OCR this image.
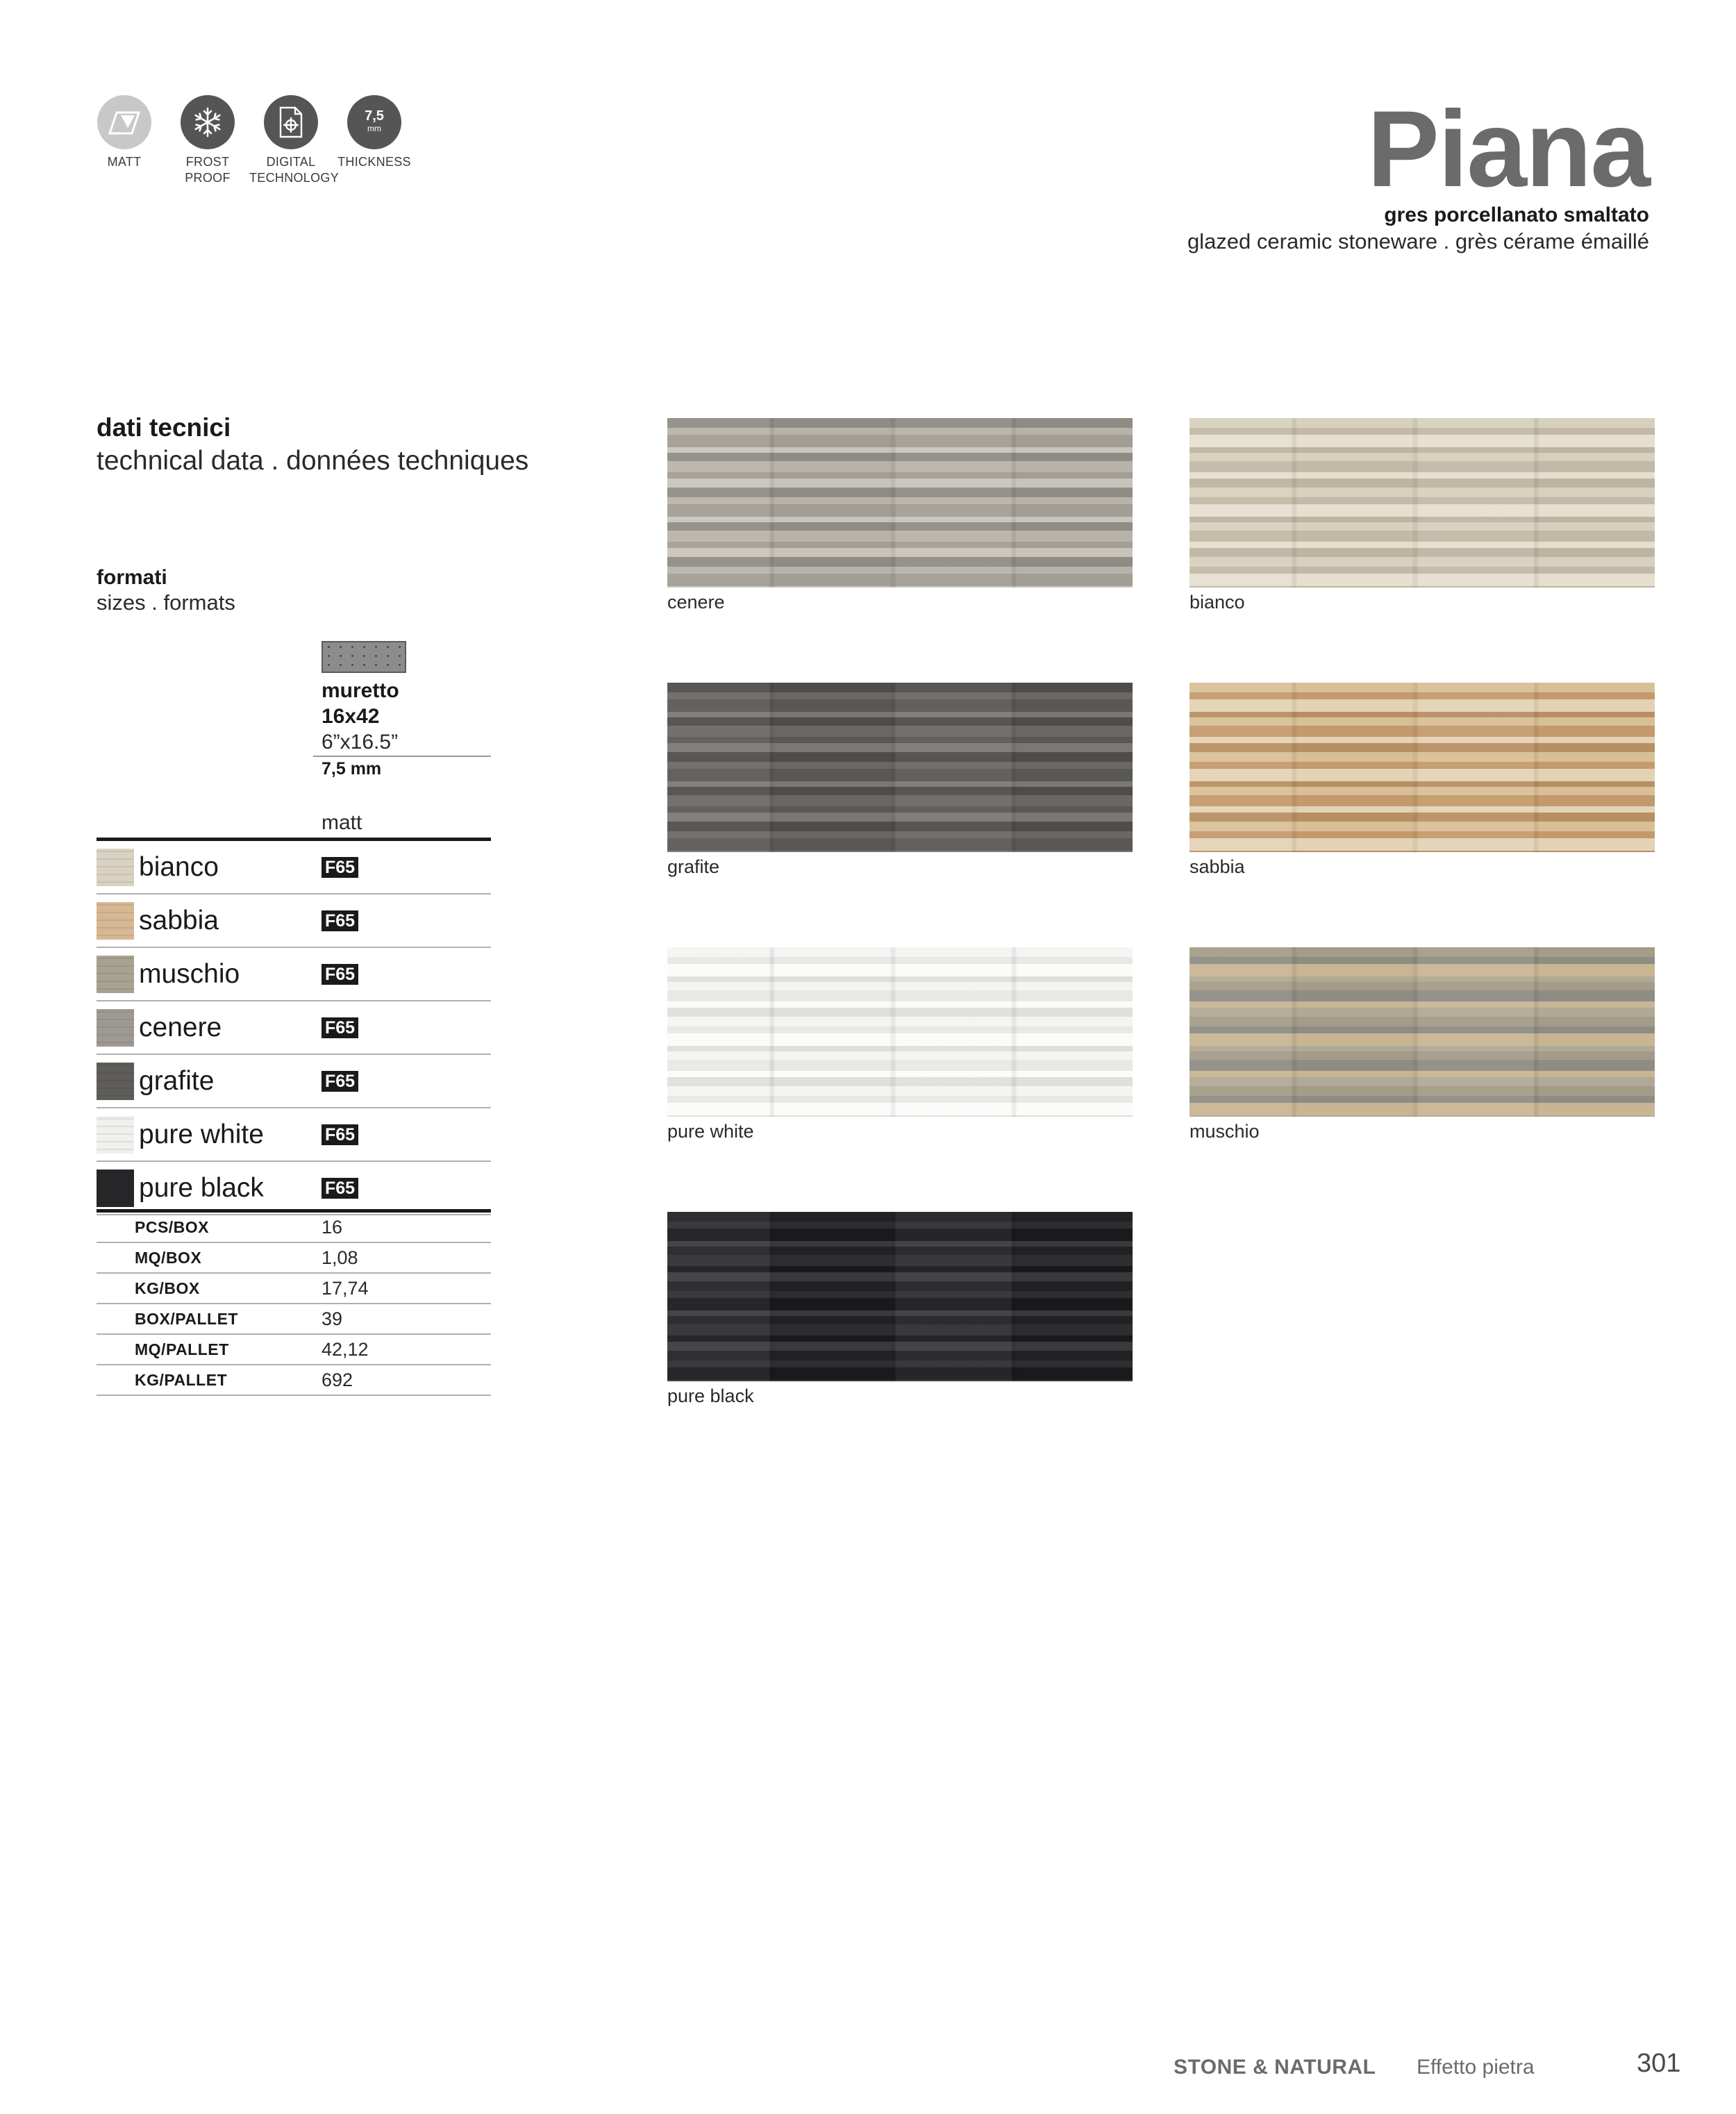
MATT	FROST
PROOF
DIGITAL
TECHNOLOGY
7,5
mm
THICKNESS	Piana
gres porcellanato smaltato
glazed ceramic stoneware . grès cérame émaillé
dati tecnici
technical data . données techniques
formati
sizes . formats
muretto
16x42
6”x16.5”
7,5 mm
matt
bianco	F65
sabbia	F65
muschio	F65
cenere	F65
grafite	F65
pure white	F65
pure black	F65
PCS/BOX	16
MQ/BOX	1,08
KG/BOX	17,74
BOX/PALLET	39
MQ/PALLET	42,12
KG/PALLET	692
cenere	bianco
grafite	sabbia
pure white	muschio
pure black
STONE & NATURAL Effetto pietra	301
